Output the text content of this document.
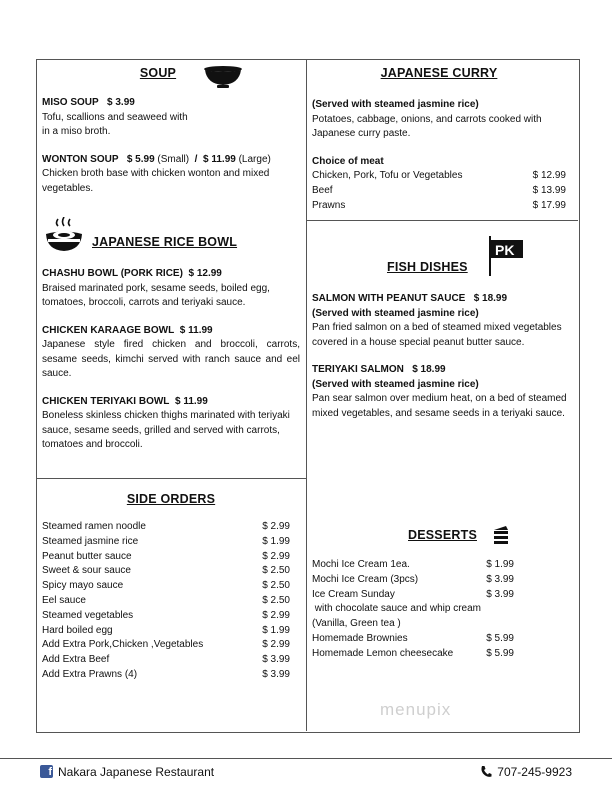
SOUP
MISO SOUP $ 3.99
Tofu, scallions and seaweed with in a miso broth.
WONTON SOUP $ 5.99 (Small) / $ 11.99 (Large)
Chicken broth base with chicken wonton and mixed vegetables.
JAPANESE CURRY
(Served with steamed jasmine rice)
Potatoes, cabbage, onions, and carrots cooked with Japanese curry paste.
Choice of meat
Chicken, Pork, Tofu or Vegetables	$ 12.99
Beef	$ 13.99
Prawns	$ 17.99
JAPANESE RICE BOWL
CHASHU BOWL (PORK RICE) $ 12.99
Braised marinated pork, sesame seeds, boiled egg, tomatoes, broccoli, carrots and teriyaki sauce.
CHICKEN KARAAGE BOWL $ 11.99
Japanese style fired chicken and broccoli, carrots, sesame seeds, kimchi served with ranch sauce and eel sauce.
CHICKEN TERIYAKI BOWL $ 11.99
Boneless skinless chicken thighs marinated with teriyaki sauce, sesame seeds, grilled and served with carrots, tomatoes and broccoli.
FISH DISHES
PK
SALMON WITH PEANUT SAUCE $ 18.99
(Served with steamed jasmine rice)
Pan fried salmon on a bed of steamed mixed vegetables covered in a house special peanut butter sauce.
TERIYAKI SALMON $ 18.99
(Served with steamed jasmine rice)
Pan sear salmon over medium heat, on a bed of steamed mixed vegetables, and sesame seeds in a teriyaki sauce.
SIDE ORDERS
Steamed ramen noodle	$ 2.99
Steamed jasmine rice	$ 1.99
Peanut butter sauce	$ 2.99
Sweet & sour sauce	$ 2.50
Spicy mayo sauce	$ 2.50
Eel sauce	$ 2.50
Steamed vegetables	$ 2.99
Hard boiled egg	$ 1.99
Add Extra Pork,Chicken ,Vegetables	$ 2.99
Add Extra Beef	$ 3.99
Add Extra Prawns (4)	$ 3.99
DESSERTS
Mochi Ice Cream 1ea.	$ 1.99
Mochi Ice Cream (3pcs)	$ 3.99
Ice Cream Sunday	$ 3.99
with chocolate sauce and whip cream
(Vanilla, Green tea )
Homemade Brownies	$ 5.99
Homemade Lemon cheesecake	$ 5.99
menupix
f Nakara Japanese Restaurant	707-245-9923
